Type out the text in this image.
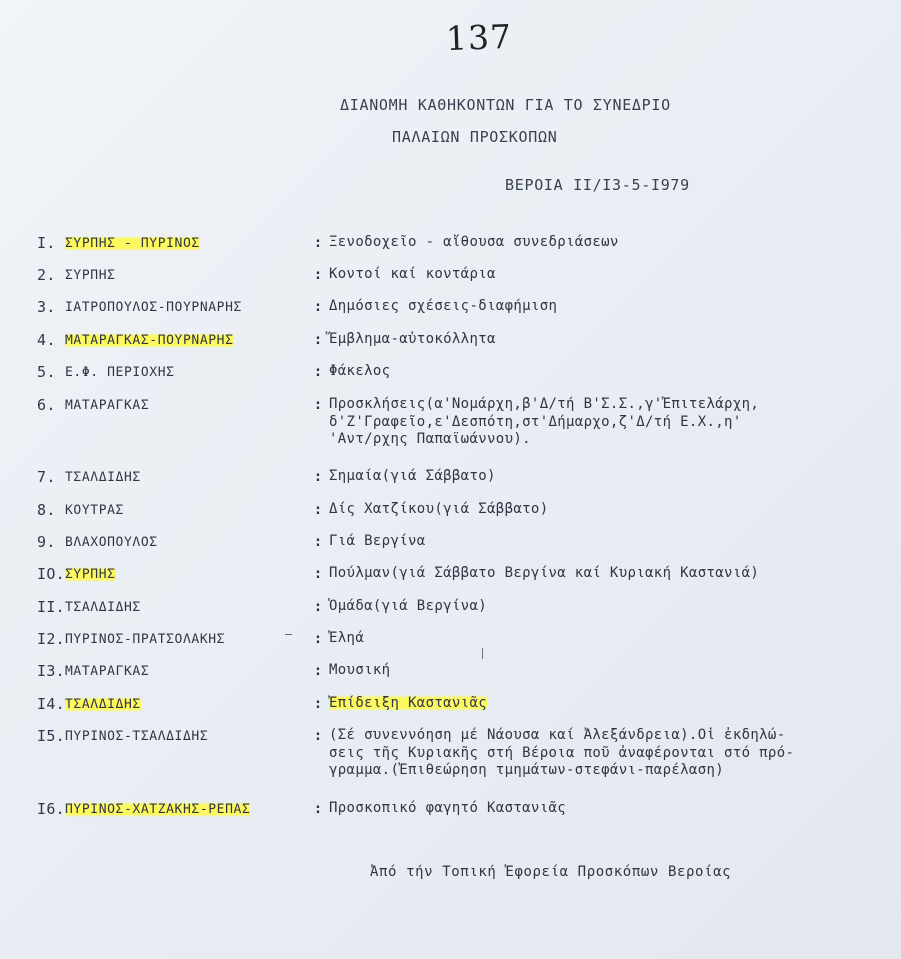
137
ΔΙΑΝΟΜΗ ΚΑΘΗΚΟΝΤΩΝ ΓΙΑ ΤΟ ΣΥΝΕΔΡΙΟ
ΠΑΛΑΙΩΝ ΠΡΟΣΚΟΠΩΝ
ΒΕΡΟΙΑ II/I3-5-I979
I. ΣΥΡΠΗΣ - ΠΥΡΙΝΟΣ	: Ξενοδοχεῖο - αἴθουσα συνεδριάσεων
2. ΣΥΡΠΗΣ	: Κοντοί καί κοντάρια
3. ΙΑΤΡΟΠΟΥΛΟΣ-ΠΟΥΡΝΑΡΗΣ	: Δημόσιες σχέσεις-διαφήμιση
4. ΜΑΤΑΡΑΓΚΑΣ-ΠΟΥΡΝΑΡΗΣ	: Ἔμβλημα-αὐτοκόλλητα
5. Ε.Φ. ΠΕΡΙΟΧΗΣ	: Φάκελος
6. ΜΑΤΑΡΑΓΚΑΣ	: Προσκλήσεις(α'Νομάρχη,β'Δ/τή Β'Σ.Σ.,γ'Ἐπιτελάρχη,
δ'Ζ'Γραφεῖο,ε'Δεσπότη,στ'Δήμαρχο,ζ'Δ/τή Ε.Χ.,η'
'Αντ/ρχης Παπαϊωάννου).
7. ΤΣΑΛΔΙΔΗΣ	: Σημαία(γιά Σάββατο)
8. ΚΟΥΤΡΑΣ	: Δίς Χατζίκου(γιά Σάββατο)
9. ΒΛΑΧΟΠΟΥΛΟΣ	: Γιά Βεργίνα
IO. ΣΥΡΠΗΣ	: Πούλμαν(γιά Σάββατο Βεργίνα καί Κυριακή Καστανιά)
II. ΤΣΑΛΔΙΔΗΣ	: Ὁμάδα(γιά Βεργίνα)
I2. ΠΥΡΙΝΟΣ-ΠΡΑΤΣΟΛΑΚΗΣ	: Ἐληά
I3. ΜΑΤΑΡΑΓΚΑΣ	: Μουσική
I4. ΤΣΑΛΔΙΔΗΣ	: Ἐπίδειξη Καστανιᾶς
I5. ΠΥΡΙΝΟΣ-ΤΣΑΛΔΙΔΗΣ	: (Σέ συνεννόηση μέ Νάουσα καί Ἀλεξάνδρεια).Οἱ ἐκδηλώ-
σεις τῆς Κυριακῆς στή Βέροια ποῦ ἀναφέρονται στό πρό-
γραμμα.(Ἐπιθεώρηση τμημάτων-στεφάνι-παρέλαση)
I6. ΠΥΡΙΝΟΣ-ΧΑΤΖΑΚΗΣ-ΡΕΠΑΣ	: Προσκοπικό φαγητό Καστανιᾶς
Ἀπό τήν Τοπική Ἐφορεία Προσκόπων Βεροίας
